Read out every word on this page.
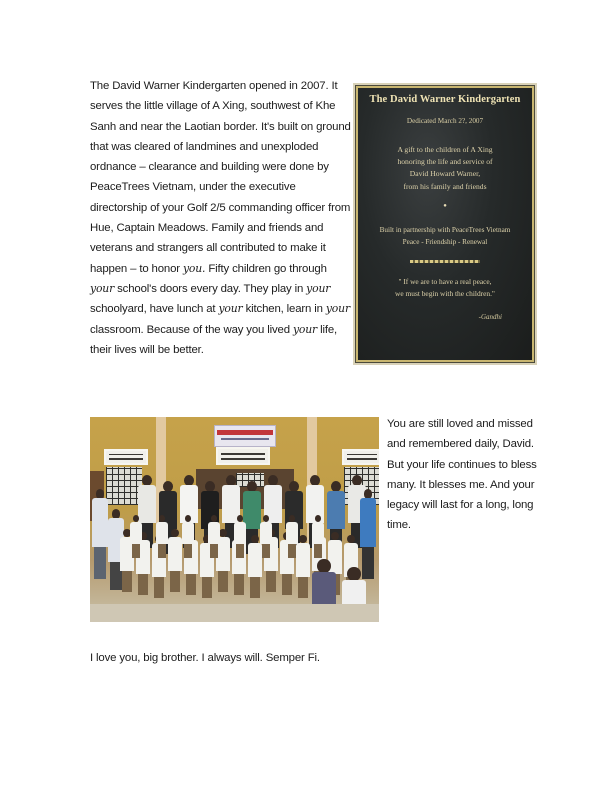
The David Warner Kindergarten opened in 2007. It serves the little village of A Xing, southwest of Khe Sanh and near the Laotian border. It's built on ground that was cleared of landmines and unexploded ordnance – clearance and building were done by PeaceTrees Vietnam, under the executive directorship of your Golf 2/5 commanding officer from Hue, Captain Meadows. Family and friends and veterans and strangers all contributed to make it happen – to honor you. Fifty children go through your school's doors every day. They play in your schoolyard, have lunch at your kitchen, learn in your classroom. Because of the way you lived your life, their lives will be better.

The David Warner Kindergarten
Dedicated March 2?, 2007
A gift to the children of A Xing
honoring the life and service of
David Howard Warner,
from his family and friends
●
Built in partnership with PeaceTrees Vietnam
Peace - Friendship - Renewal
" If we are to have a real peace,
we must begin with the children."
-Gandhi

You are still loved and missed and remembered daily, David. But your life continues to bless many. It blesses me. And your legacy will last for a long, long time.

I love you, big brother. I always will. Semper Fi.
